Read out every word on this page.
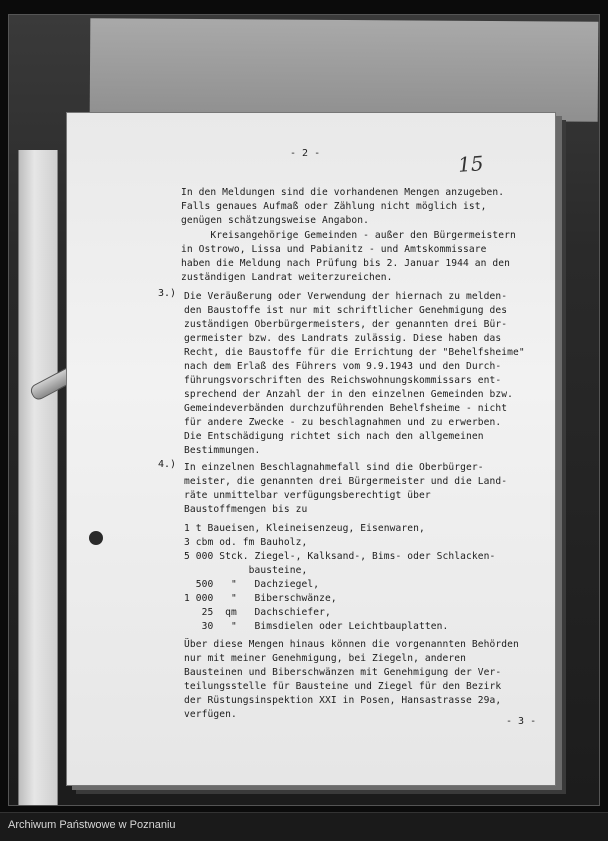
- 2 -	15
In den Meldungen sind die vorhandenen Mengen anzugeben.
Falls genaues Aufmaß oder Zählung nicht möglich ist,
genügen schätzungsweise Angabon.
Kreisangehörige Gemeinden - außer den Bürgermeistern
in Ostrowo, Lissa und Pabianitz - und Amtskommissare
haben die Meldung nach Prüfung bis 2. Januar 1944 an den
zuständigen Landrat weiterzureichen.
Die Veräußerung oder Verwendung der hiernach zu melden-
den Baustoffe ist nur mit schriftlicher Genehmigung des
zuständigen Oberbürgermeisters, der genannten drei Bür-
germeister bzw. des Landrats zulässig. Diese haben das
Recht, die Baustoffe für die Errichtung der "Behelfsheime"
nach dem Erlaß des Führers vom 9.9.1943 und den Durch-
führungsvorschriften des Reichswohnungskommissars ent-
sprechend der Anzahl der in den einzelnen Gemeinden bzw.
Gemeindeverbänden durchzuführenden Behelfsheime - nicht
für andere Zwecke - zu beschlagnahmen und zu erwerben.
Die Entschädigung richtet sich nach den allgemeinen
Bestimmungen.
In einzelnen Beschlagnahmefall sind die Oberbürger-
meister, die genannten drei Bürgermeister und die Land-
räte unmittelbar verfügungsberechtigt über
Baustoffmengen bis zu
1 t Baueisen, Kleineisenzeug, Eisenwaren,
3 cbm od. fm Bauholz,
5 000 Stck. Ziegel-, Kalksand-, Bims- oder Schlacken-
bausteine,
500   "   Dachziegel,
1 000   "   Biberschwänze,
25  qm   Dachschiefer,
30   "   Bimsdielen oder Leichtbauplatten.
Über diese Mengen hinaus können die vorgenannten Behörden
nur mit meiner Genehmigung, bei Ziegeln, anderen
Bausteinen und Biberschwänzen mit Genehmigung der Ver-
teilungsstelle für Bausteine und Ziegel für den Bezirk
der Rüstungsinspektion XXI in Posen, Hansastrasse 29a,
verfügen.
3.)
4.)
- 3 -
Archiwum Państwowe w Poznaniu
